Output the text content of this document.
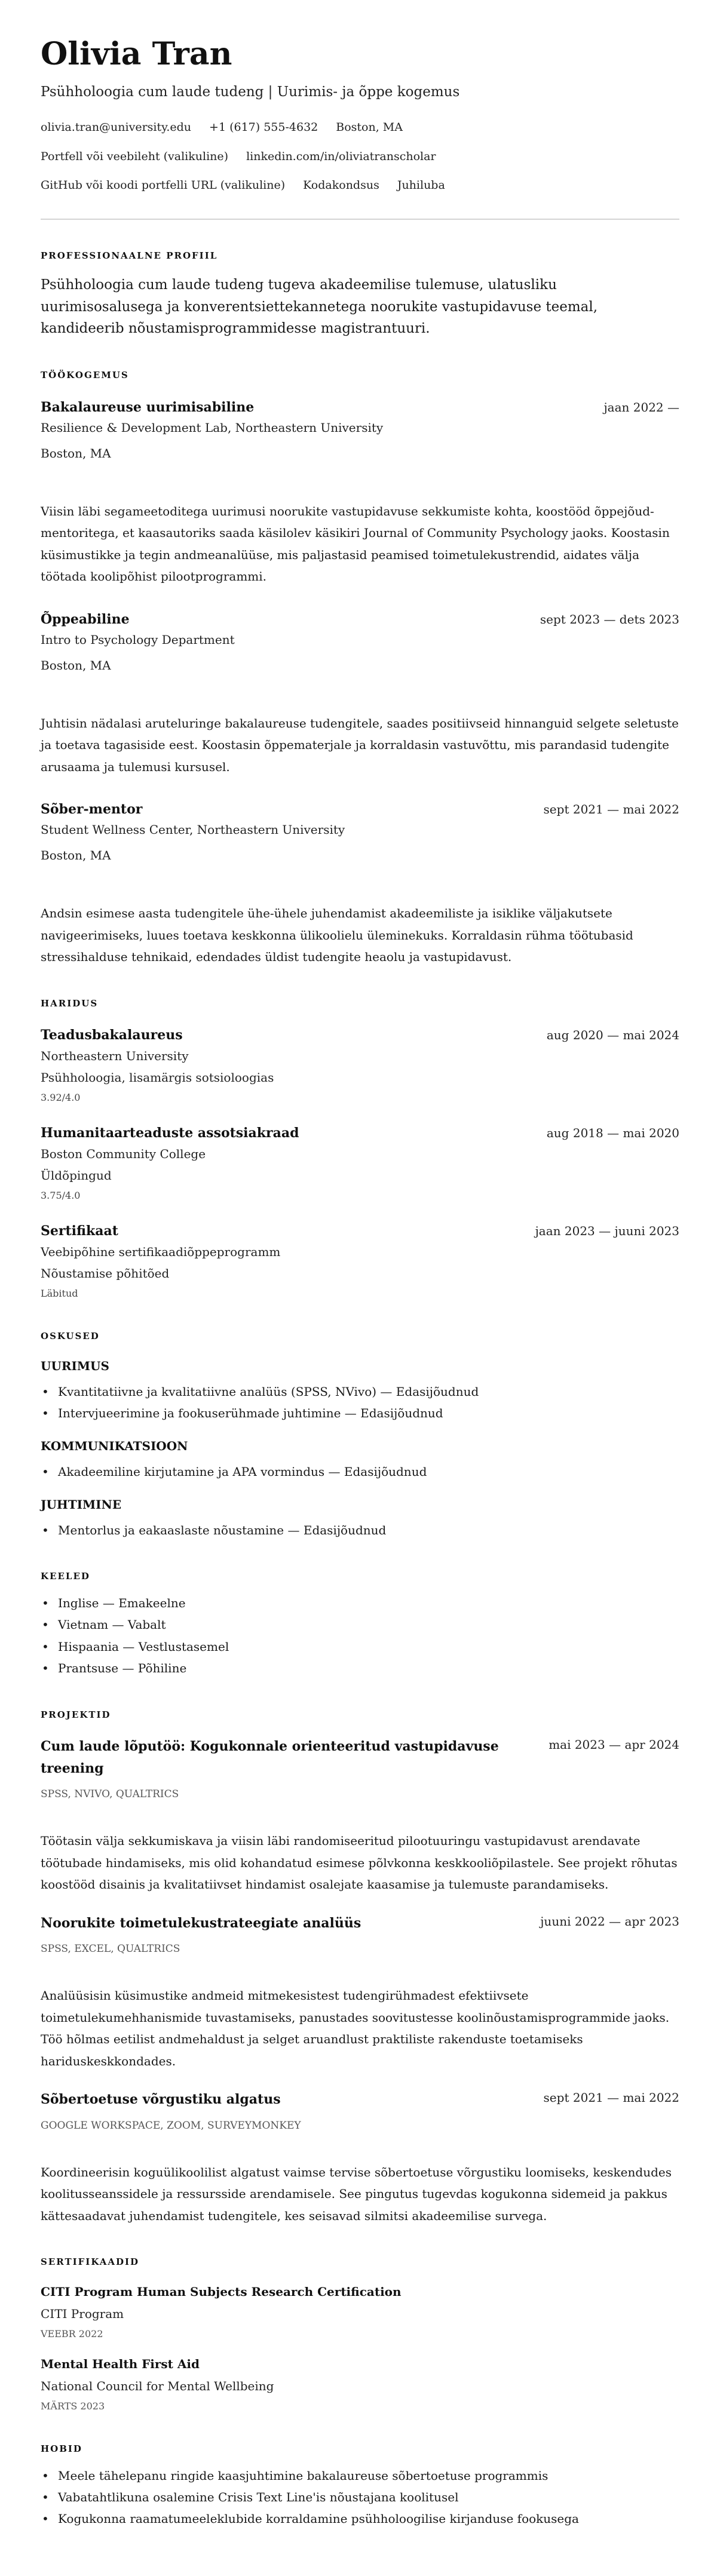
Olivia Tran
Psühholoogia cum laude tudeng | Uurimis- ja õppe kogemus
olivia.tran@university.edu +1 (617) 555-4632 Boston, MA
Portfell või veebileht (valikuline) linkedin.com/in/oliviatranscholar
GitHub või koodi portfelli URL (valikuline) Kodakondsus Juhiluba
PROFESSIONAALNE PROFIIL
Psühholoogia cum laude tudeng tugeva akadeemilise tulemuse, ulatusliku uurimisosalusega ja konverentsiettekannetega noorukite vastupidavuse teemal, kandideerib nõustamisprogrammidesse magistrantuuri.
TÖÖKOGEMUS
Bakalaureuse uurimisabiline	jaan 2022 —
Resilience & Development Lab, Northeastern University
Boston, MA
Viisin läbi segameetoditega uurimusi noorukite vastupidavuse sekkumiste kohta, koostööd õppejõud-mentoritega, et kaasautoriks saada käsilolev käsikiri Journal of Community Psychology jaoks. Koostasin küsimustikke ja tegin andmeanalüüse, mis paljastasid peamised toimetulekustrendid, aidates välja töötada koolipõhist pilootprogrammi.
Õppeabiline	sept 2023 — dets 2023
Intro to Psychology Department
Boston, MA
Juhtisin nädalasi aruteluringe bakalaureuse tudengitele, saades positiivseid hinnanguid selgete seletuste ja toetava tagasiside eest. Koostasin õppematerjale ja korraldasin vastuvõttu, mis parandasid tudengite arusaama ja tulemusi kursusel.
Sõber-mentor	sept 2021 — mai 2022
Student Wellness Center, Northeastern University
Boston, MA
Andsin esimese aasta tudengitele ühe-ühele juhendamist akadeemiliste ja isiklike väljakutsete navigeerimiseks, luues toetava keskkonna ülikoolielu üleminekuks. Korraldasin rühma töötubasid stressihalduse tehnikaid, edendades üldist tudengite heaolu ja vastupidavust.
HARIDUS
Teadusbakalaureus	aug 2020 — mai 2024
Northeastern University
Psühholoogia, lisamärgis sotsioloogias
3.92/4.0
Humanitaarteaduste assotsiakraad	aug 2018 — mai 2020
Boston Community College
Üldõpingud
3.75/4.0
Sertifikaat	jaan 2023 — juuni 2023
Veebipõhine sertifikaadiõppeprogramm
Nõustamise põhitõed
Läbitud
OSKUSED
UURIMUS
• Kvantitatiivne ja kvalitatiivne analüüs (SPSS, NVivo) — Edasijõudnud
• Intervjueerimine ja fookuserühmade juhtimine — Edasijõudnud
KOMMUNIKATSIOON
• Akadeemiline kirjutamine ja APA vormindus — Edasijõudnud
JUHTIMINE
• Mentorlus ja eakaaslaste nõustamine — Edasijõudnud
KEELED
• Inglise — Emakeelne
• Vietnam — Vabalt
• Hispaania — Vestlustasemel
• Prantsuse — Põhiline
PROJEKTID
Cum laude lõputöö: Kogukonnale orienteeritud vastupidavuse treening
mai 2023 — apr 2024
SPSS, NVIVO, QUALTRICS
Töötasin välja sekkumiskava ja viisin läbi randomiseeritud pilootuuringu vastupidavust arendavate töötubade hindamiseks, mis olid kohandatud esimese põlvkonna keskkooliõpilastele. See projekt rõhutas koostööd disainis ja kvalitatiivset hindamist osalejate kaasamise ja tulemuste parandamiseks.
Noorukite toimetulekustrateegiate analüüs	juuni 2022 — apr 2023
SPSS, EXCEL, QUALTRICS
Analüüsisin küsimustike andmeid mitmekesistest tudengirühmadest efektiivsete toimetulekumehhanismide tuvastamiseks, panustades soovitustesse koolinõustamisprogrammide jaoks. Töö hõlmas eetilist andmehaldust ja selget aruandlust praktiliste rakenduste toetamiseks hariduskeskkondades.
Sõbertoetuse võrgustiku algatus	sept 2021 — mai 2022
GOOGLE WORKSPACE, ZOOM, SURVEYMONKEY
Koordineerisin koguülikoolilist algatust vaimse tervise sõbertoetuse võrgustiku loomiseks, keskendudes koolitusseanssidele ja ressursside arendamisele. See pingutus tugevdas kogukonna sidemeid ja pakkus kättesaadavat juhendamist tudengitele, kes seisavad silmitsi akadeemilise survega.
SERTIFIKAADID
CITI Program Human Subjects Research Certification
CITI Program
VEEBR 2022
Mental Health First Aid
National Council for Mental Wellbeing
MÄRTS 2023
HOBID
• Meele tähelepanu ringide kaasjuhtimine bakalaureuse sõbertoetuse programmis
• Vabatahtlikuna osalemine Crisis Text Line'is nõustajana koolitusel
• Kogukonna raamatumeeleklubide korraldamine psühholoogilise kirjanduse fookusega
